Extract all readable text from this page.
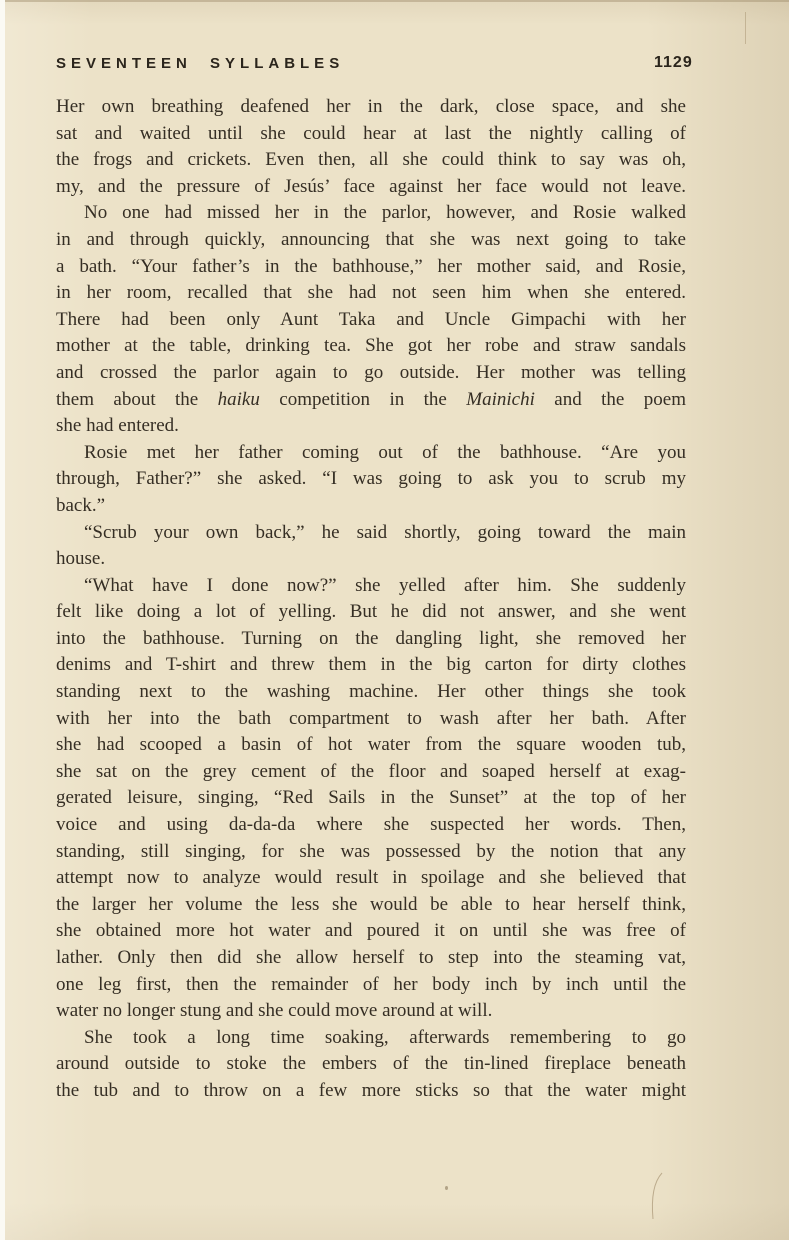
SEVENTEEN SYLLABLES	1129
Her own breathing deafened her in the dark, close space, and she
sat and waited until she could hear at last the nightly calling of
the frogs and crickets. Even then, all she could think to say was oh,
my, and the pressure of Jesús’ face against her face would not leave.
No one had missed her in the parlor, however, and Rosie walked
in and through quickly, announcing that she was next going to take
a bath. “Your father’s in the bathhouse,” her mother said, and Rosie,
in her room, recalled that she had not seen him when she entered.
There had been only Aunt Taka and Uncle Gimpachi with her
mother at the table, drinking tea. She got her robe and straw sandals
and crossed the parlor again to go outside. Her mother was telling
them about the haiku competition in the Mainichi and the poem
she had entered.
Rosie met her father coming out of the bathhouse. “Are you
through, Father?” she asked. “I was going to ask you to scrub my
back.”
“Scrub your own back,” he said shortly, going toward the main
house.
“What have I done now?” she yelled after him. She suddenly
felt like doing a lot of yelling. But he did not answer, and she went
into the bathhouse. Turning on the dangling light, she removed her
denims and T-shirt and threw them in the big carton for dirty clothes
standing next to the washing machine. Her other things she took
with her into the bath compartment to wash after her bath. After
she had scooped a basin of hot water from the square wooden tub,
she sat on the grey cement of the floor and soaped herself at exag-
gerated leisure, singing, “Red Sails in the Sunset” at the top of her
voice and using da-da-da where she suspected her words. Then,
standing, still singing, for she was possessed by the notion that any
attempt now to analyze would result in spoilage and she believed that
the larger her volume the less she would be able to hear herself think,
she obtained more hot water and poured it on until she was free of
lather. Only then did she allow herself to step into the steaming vat,
one leg first, then the remainder of her body inch by inch until the
water no longer stung and she could move around at will.
She took a long time soaking, afterwards remembering to go
around outside to stoke the embers of the tin-lined fireplace beneath
the tub and to throw on a few more sticks so that the water might
